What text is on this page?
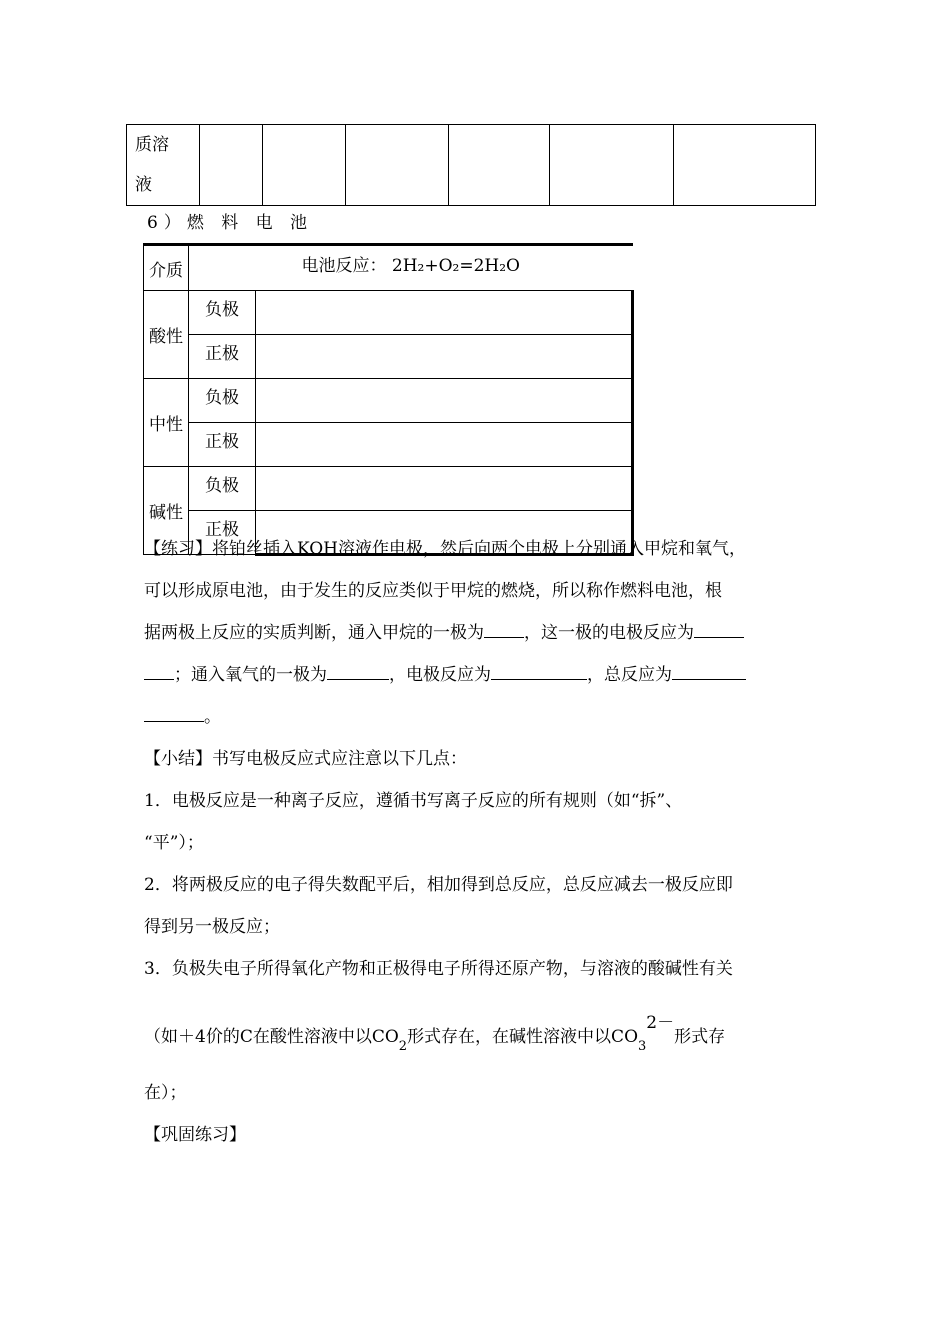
质溶
液

6）燃 料 电 池
介质	电池反应： 2H₂+O₂=2H₂O	
酸性	负极	
	正极	
中性	负极	
	正极	
碱性	负极	
	正极	
【练习】将铂丝插入KOH溶液作电极，然后向两个电极上分别通入甲烷和氧气，
可以形成原电池，由于发生的反应类似于甲烷的燃烧，所以称作燃料电池，根
据两极上反应的实质判断，通入甲烷的一极为 ，这一极的电极反应为
；通入氧气的一极为	，电极反应为	，总反应为
。
【小结】书写电极反应式应注意以下几点：
1．电极反应是一种离子反应，遵循书写离子反应的所有规则（如“拆”、
“平”）；
2．将两极反应的电子得失数配平后，相加得到总反应，总反应减去一极反应即
得到另一极反应；
3．负极失电子所得氧化产物和正极得电子所得还原产物，与溶液的酸碱性有关
（如＋4价的C在酸性溶液中以$CO_2$形式存在，在碱性溶液中以$CO_32-$形式存
在）；
【巩固练习】
